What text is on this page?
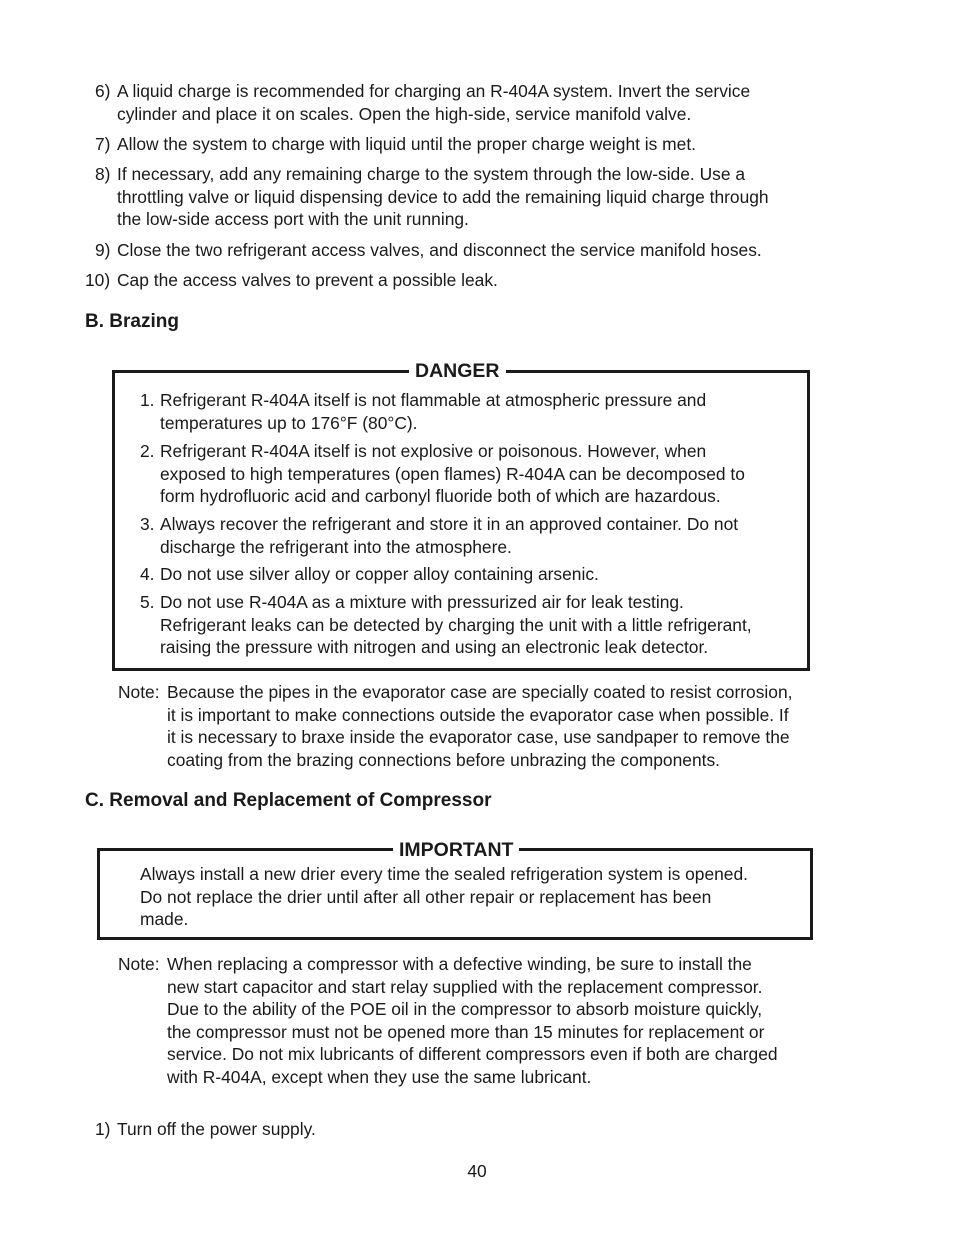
6) A liquid charge is recommended for charging an R-404A system. Invert the service
cylinder and place it on scales. Open the high-side, service manifold valve.
7) Allow the system to charge with liquid until the proper charge weight is met.
8) If necessary, add any remaining charge to the system through the low-side. Use a
throttling valve or liquid dispensing device to add the remaining liquid charge through
the low-side access port with the unit running.
9) Close the two refrigerant access valves, and disconnect the service manifold hoses.
10) Cap the access valves to prevent a possible leak.
B. Brazing
DANGER
1. Refrigerant R-404A itself is not flammable at atmospheric pressure and
temperatures up to 176°F (80°C).
2. Refrigerant R-404A itself is not explosive or poisonous. However, when
exposed to high temperatures (open flames) R-404A can be decomposed to
form hydrofluoric acid and carbonyl fluoride both of which are hazardous.
3. Always recover the refrigerant and store it in an approved container. Do not
discharge the refrigerant into the atmosphere.
4. Do not use silver alloy or copper alloy containing arsenic.
5. Do not use R-404A as a mixture with pressurized air for leak testing.
Refrigerant leaks can be detected by charging the unit with a little refrigerant,
raising the pressure with nitrogen and using an electronic leak detector.
Note: Because the pipes in the evaporator case are specially coated to resist corrosion,
it is important to make connections outside the evaporator case when possible. If
it is necessary to braxe inside the evaporator case, use sandpaper to remove the
coating from the brazing connections before unbrazing the components.
C. Removal and Replacement of Compressor
IMPORTANT
Always install a new drier every time the sealed refrigeration system is opened.
Do not replace the drier until after all other repair or replacement has been
made.
Note: When replacing a compressor with a defective winding, be sure to install the
new start capacitor and start relay supplied with the replacement compressor.
Due to the ability of the POE oil in the compressor to absorb moisture quickly,
the compressor must not be opened more than 15 minutes for replacement or
service. Do not mix lubricants of different compressors even if both are charged
with R-404A, except when they use the same lubricant.
1) Turn off the power supply.
40
